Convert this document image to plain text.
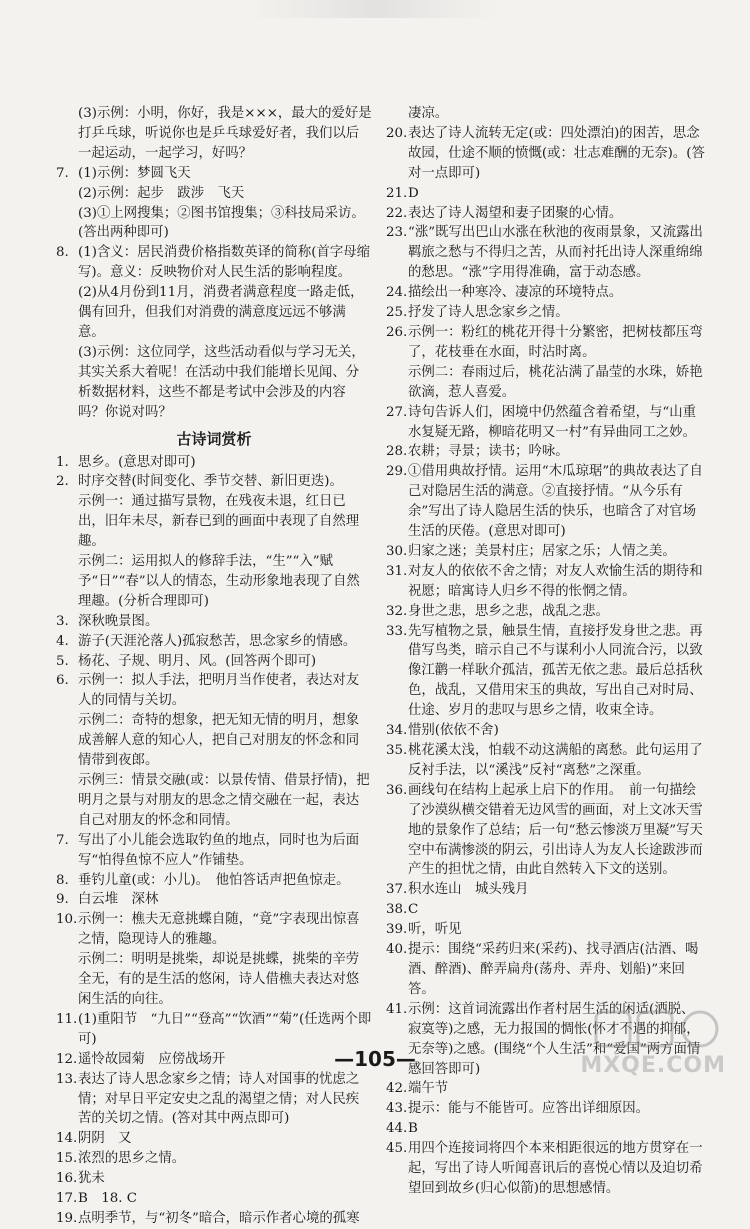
(3)示例：小明，你好，我是×××，最大的爱好是打乒乓球，听说你也是乒乓球爱好者，我们以后一起运动，一起学习，好吗？
7. (1)示例：梦圆飞天
(2)示例：起步　跋涉　飞天
(3)①上网搜集；②图书馆搜集；③科技局采访。(答出两种即可)
8. (1)含义：居民消费价格指数英译的简称(首字母缩写)。意义：反映物价对人民生活的影响程度。
(2)从4月份到11月，消费者满意程度一路走低，偶有回升，但我们对消费的满意度远远不够满意。
(3)示例：这位同学，这些活动看似与学习无关，其实关系大着呢！在活动中我们能增长见闻、分析数据材料，这些不都是考试中会涉及的内容吗？你说对吗？
古诗词赏析
1. 思乡。(意思对即可)
2. 时序交替(时间变化、季节交替、新旧更迭)。
示例一：通过描写景物，在残夜未退，红日已出，旧年未尽，新春已到的画面中表现了自然理趣。
示例二：运用拟人的修辞手法，“生”“入”赋予“日”“春”以人的情态，生动形象地表现了自然理趣。(分析合理即可)
3. 深秋晚景图。
4. 游子(天涯沦落人)孤寂愁苦，思念家乡的情感。
5. 杨花、子规、明月、风。(回答两个即可)
6. 示例一：拟人手法，把明月当作使者，表达对友人的同情与关切。
示例二：奇特的想象，把无知无情的明月，想象成善解人意的知心人，把自己对朋友的怀念和同情带到夜郎。
示例三：情景交融(或：以景传情、借景抒情)，把明月之景与对朋友的思念之情交融在一起，表达自己对朋友的怀念和同情。
7. 写出了小儿能会选取钓鱼的地点，同时也为后面写“怕得鱼惊不应人”作铺垫。
8. 垂钓儿童(或：小儿)。　他怕答话声把鱼惊走。
9. 白云堆　深林
10. 示例一：樵夫无意挑蝶自随，“竟”字表现出惊喜之情，隐现诗人的雅趣。
示例二：明明是挑柴，却说是挑蝶，挑柴的辛劳全无，有的是生活的悠闲，诗人借樵夫表达对悠闲生活的向往。
11. (1)重阳节　“九日”“登高”“饮酒”“菊”(任选两个即可)
12. 遥怜故园菊　应傍战场开
13. 表达了诗人思念家乡之情；诗人对国事的忧虑之情；对早日平定安史之乱的渴望之情；对人民疾苦的关切之情。(答对其中两点即可)
14. 阴阴　又
15. 浓烈的思乡之情。
16. 犹未
17. B　18. C
19. 点明季节，与“初冬”暗合，暗示作者心境的孤寒
凄凉。
20. 表达了诗人流转无定(或：四处漂泊)的困苦，思念故园，仕途不顺的愤慨(或：壮志难酬的无奈)。(答对一点即可)
21. D
22. 表达了诗人渴望和妻子团聚的心情。
23. “涨”既写出巴山水涨在秋池的夜雨景象，又流露出羁旅之愁与不得归之苦，从而衬托出诗人深重绵绵的愁思。“涨”字用得准确，富于动态感。
24. 描绘出一种寒冷、凄凉的环境特点。
25. 抒发了诗人思念家乡之情。
26. 示例一：粉红的桃花开得十分繁密，把树枝都压弯了，花枝垂在水面，时沾时离。
示例二：春雨过后，桃花沾满了晶莹的水珠，娇艳欲滴，惹人喜爱。
27. 诗句告诉人们，困境中仍然蕴含着希望，与“山重水复疑无路，柳暗花明又一村”有异曲同工之妙。
28. 农耕；寻景；读书；吟咏。
29. ①借用典故抒情。运用“木瓜琼琚”的典故表达了自己对隐居生活的满意。②直接抒情。“从今乐有余”写出了诗人隐居生活的快乐，也暗含了对官场生活的厌倦。(意思对即可)
30. 归家之迷；美景村庄；居家之乐；人情之美。
31. 对友人的依依不舍之情；对友人欢愉生活的期待和祝愿；暗寓诗人归乡不得的怅惘之情。
32. 身世之悲，思乡之悲，战乱之悲。
33. 先写植物之景，触景生情，直接抒发身世之悲。再借写鸟类，暗示自己不与谋利小人同流合污，以致像江鹳一样耿介孤洁，孤苦无依之悲。最后总括秋色，战乱，又借用宋玉的典故，写出自己对时局、仕途、岁月的悲叹与思乡之情，收束全诗。
34. 惜别(依依不舍)
35. 桃花溪太浅，怕载不动这满船的离愁。此句运用了反衬手法，以“溪浅”反衬“离愁”之深重。
36. 画线句在结构上起承上启下的作用。　前一句描绘了沙漠纵横交错着无边风雪的画面，对上文冰天雪地的景象作了总结；后一句“愁云惨淡万里凝”写天空中布满惨淡的阴云，引出诗人为友人长途跋涉而产生的担忧之情，由此自然转入下文的送别。
37. 积水连山　城头残月
38. C
39. 听，听见
40. 提示：围绕“采药归来(采药)、找寻酒店(沽酒、喝酒、醉酒)、醉弄扁舟(荡舟、弄舟、划船)”来回答。
41. 示例：这首词流露出作者村居生活的闲适(洒脱、寂寞等)之感，无力报国的惆怅(怀才不遇的抑郁，无奈等)之感。(围绕“个人生活”和“爱国”两方面情感回答即可)
42. 端午节
43. 提示：能与不能皆可。应答出详细原因。
44. B
45. 用四个连接词将四个本来相距很远的地方贯穿在一起，写出了诗人听闻喜讯后的喜悦心情以及迫切希望回到故乡(归心似箭)的思想感情。
—105—	MXQE.COM
